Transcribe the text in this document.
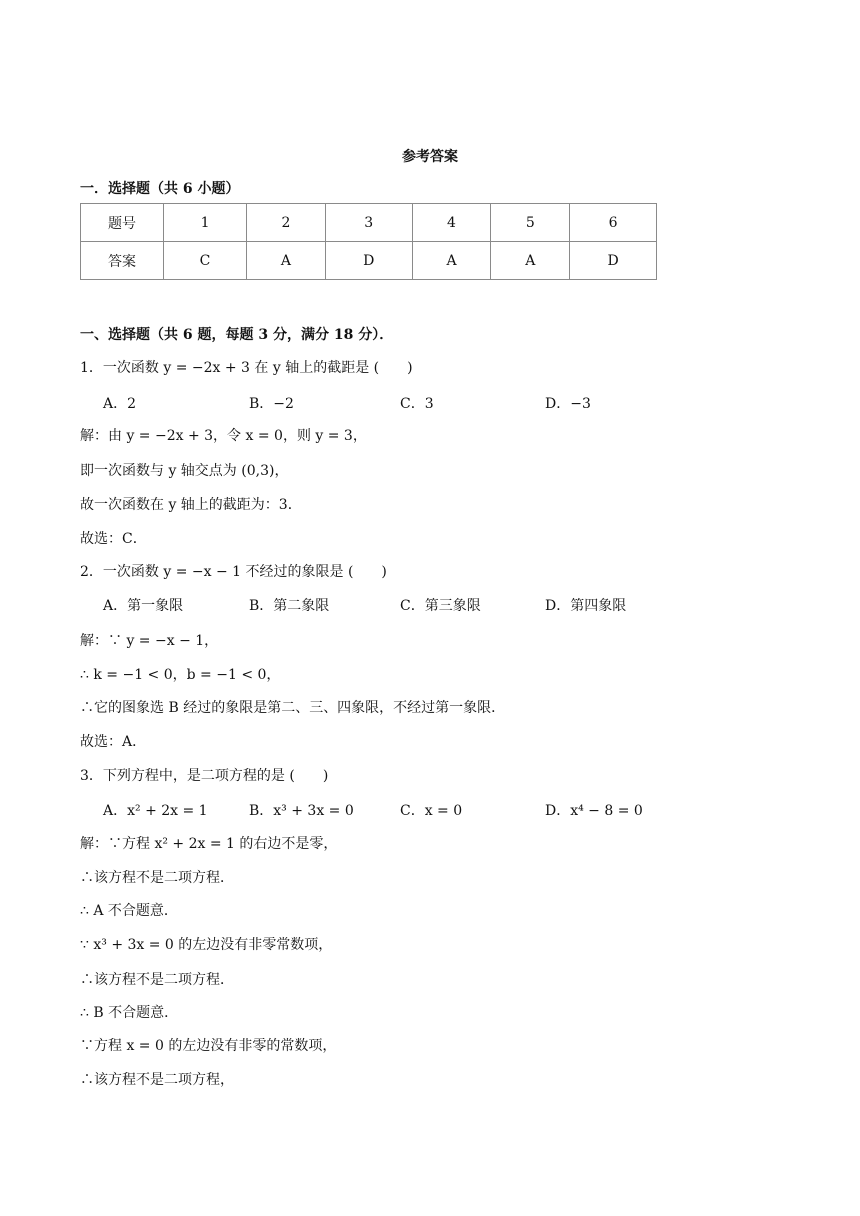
参考答案
一．选择题（共 6 小题）
题号	1	2	3	4	5	6
答案	C	A	D	A	A	D
一、选择题（共 6 题，每题 3 分，满分 18 分）．
1．一次函数 y = −2x + 3 在 y 轴上的截距是 (　　)
A．2	B．−2	C．3	D．−3
解：由 y = −2x + 3，令 x = 0，则 y = 3，
即一次函数与 y 轴交点为 (0,3)，
故一次函数在 y 轴上的截距为：3．
故选：C．
2．一次函数 y = −x − 1 不经过的象限是 (　　)
A．第一象限	B．第二象限	C．第三象限	D．第四象限
解：∵ y = −x − 1，
∴ k = −1 < 0，b = −1 < 0，
∴它的图象选 B 经过的象限是第二、三、四象限，不经过第一象限．
故选：A．
3．下列方程中，是二项方程的是 (　　)
A．x² + 2x = 1	B．x³ + 3x = 0	C．x = 0	D．x⁴ − 8 = 0
解：∵方程 x² + 2x = 1 的右边不是零，
∴该方程不是二项方程．
∴ A 不合题意．
∵ x³ + 3x = 0 的左边没有非零常数项，
∴该方程不是二项方程．
∴ B 不合题意．
∵方程 x = 0 的左边没有非零的常数项，
∴该方程不是二项方程，
